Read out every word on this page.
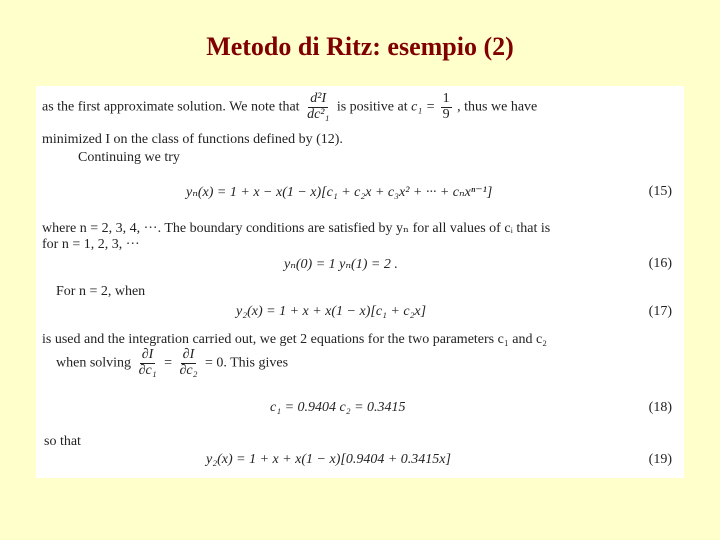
Metodo di Ritz: esempio (2)
as the first approximate solution. We note that $\frac{\text{d²I}}{\text{dc²₁}}$ is positive at $c_1 = \frac{1}{9}$ , thus we have
minimized I on the class of functions defined by (12).
Continuing we try
yₙ(x) = 1 + x − x(1 − x)[c₁ + c₂x + c₃x² + ··· + cₙxⁿ⁻¹]	(15)
where n = 2, 3, 4, ···. The boundary conditions are satisfied by yₙ for all values of cᵢ that is
for n = 1, 2, 3, ···
yₙ(0) = 1 yₙ(1) = 2 .	(16)
For n = 2, when
y₂(x) = 1 + x + x(1 − x)[c₁ + c₂x]	(17)
is used and the integration carried out, we get 2 equations for the two parameters c₁ and c₂
when solving $\frac{\partial I}{\text{∂c₁}} = \frac{\partial I}{\text{∂c₂}} = 0$. This gives
c₁ = 0.9404 c₂ = 0.3415	(18)
so that
y₂(x) = 1 + x + x(1 − x)[0.9404 + 0.3415x]	(19)
